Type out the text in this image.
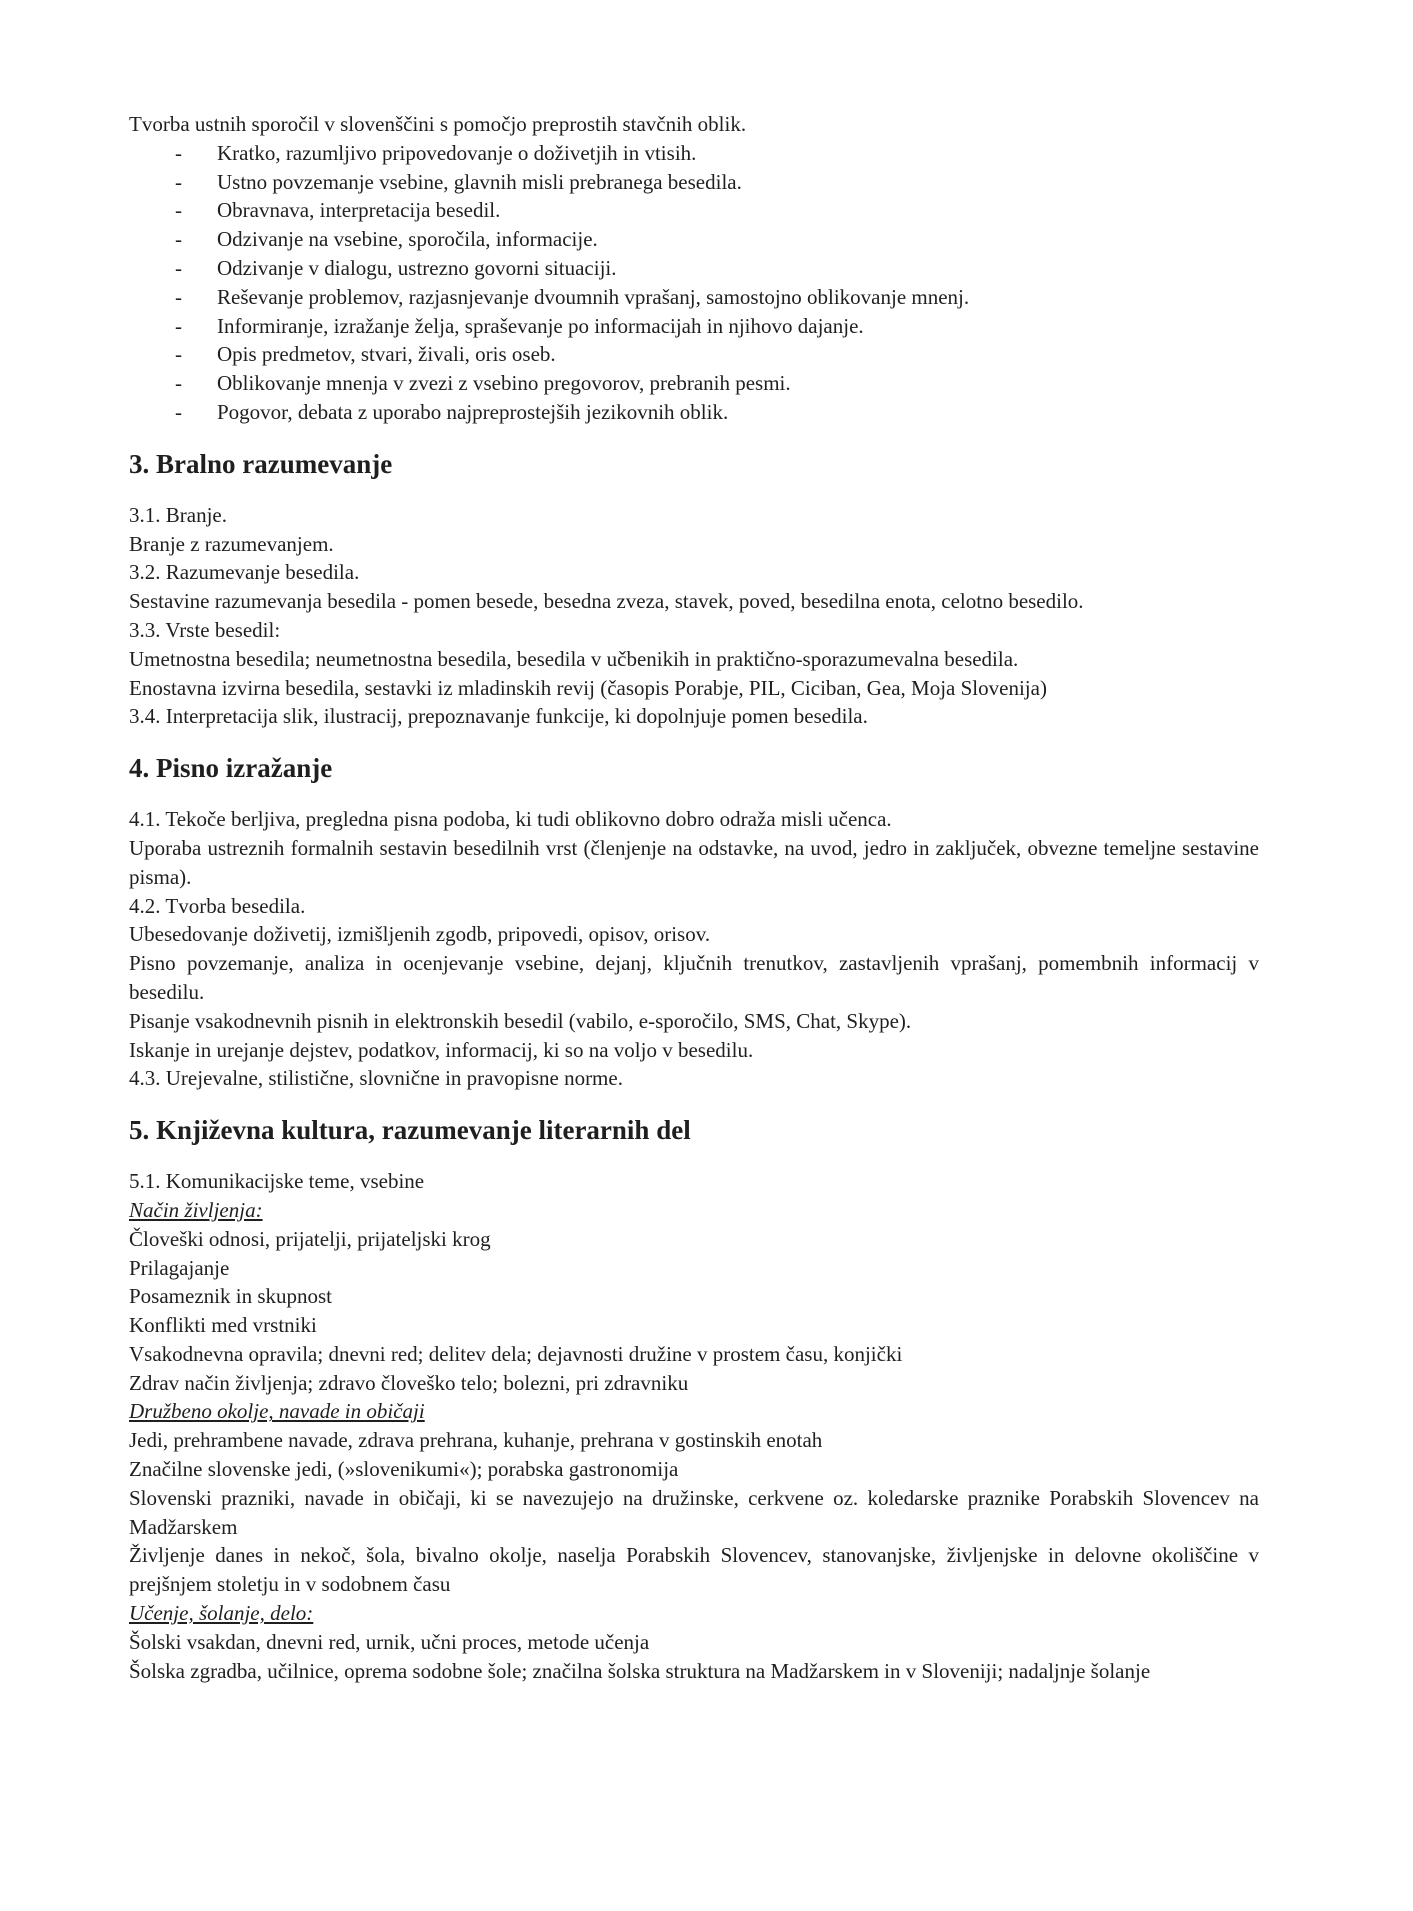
Tvorba ustnih sporočil v slovenščini s pomočjo preprostih stavčnih oblik.
-	Kratko, razumljivo pripovedovanje o doživetjih in vtisih.
-	Ustno povzemanje vsebine, glavnih misli prebranega besedila.
-	Obravnava, interpretacija besedil.
-	Odzivanje na vsebine, sporočila, informacije.
-	Odzivanje v dialogu, ustrezno govorni situaciji.
-	Reševanje problemov, razjasnjevanje dvoumnih vprašanj, samostojno oblikovanje mnenj.
-	Informiranje, izražanje želja, spraševanje po informacijah in njihovo dajanje.
-	Opis predmetov, stvari, živali, oris oseb.
-	Oblikovanje mnenja v zvezi z vsebino pregovorov, prebranih pesmi.
-	Pogovor, debata z uporabo najpreprostejših jezikovnih oblik.
3. Bralno razumevanje
3.1. Branje.
Branje z razumevanjem.
3.2. Razumevanje besedila.
Sestavine razumevanja besedila - pomen besede, besedna zveza, stavek, poved, besedilna enota, celotno besedilo.
3.3. Vrste besedil:
Umetnostna besedila; neumetnostna besedila, besedila v učbenikih in praktično-sporazumevalna besedila.
Enostavna izvirna besedila, sestavki iz mladinskih revij (časopis Porabje, PIL, Ciciban, Gea, Moja Slovenija)
3.4. Interpretacija slik, ilustracij, prepoznavanje funkcije, ki dopolnjuje pomen besedila.
4. Pisno izražanje
4.1. Tekoče berljiva, pregledna pisna podoba, ki tudi oblikovno dobro odraža misli učenca.
Uporaba ustreznih formalnih sestavin besedilnih vrst (členjenje na odstavke, na uvod, jedro in zaključek, obvezne temeljne sestavine pisma).
4.2. Tvorba besedila.
Ubesedovanje doživetij, izmišljenih zgodb, pripovedi, opisov, orisov.
Pisno povzemanje, analiza in ocenjevanje vsebine, dejanj, ključnih trenutkov, zastavljenih vprašanj, pomembnih informacij v besedilu.
Pisanje vsakodnevnih pisnih in elektronskih besedil (vabilo, e-sporočilo, SMS, Chat, Skype).
Iskanje in urejanje dejstev, podatkov, informacij, ki so na voljo v besedilu.
4.3. Urejevalne, stilistične, slovnične in pravopisne norme.
5. Književna kultura, razumevanje literarnih del
5.1. Komunikacijske teme, vsebine
Način življenja:
Človeški odnosi, prijatelji, prijateljski krog
Prilagajanje
Posameznik in skupnost
Konflikti med vrstniki
Vsakodnevna opravila; dnevni red; delitev dela; dejavnosti družine v prostem času, konjički
Zdrav način življenja; zdravo človeško telo; bolezni, pri zdravniku
Družbeno okolje, navade in običaji
Jedi, prehrambene navade, zdrava prehrana, kuhanje, prehrana v gostinskih enotah
Značilne slovenske jedi, (»slovenikumi«); porabska gastronomija
Slovenski prazniki, navade in običaji, ki se navezujejo na družinske, cerkvene oz. koledarske praznike Porabskih Slovencev na Madžarskem
Življenje danes in nekoč, šola, bivalno okolje, naselja Porabskih Slovencev, stanovanjske, življenjske in delovne okoliščine v prejšnjem stoletju in v sodobnem času
Učenje, šolanje, delo:
Šolski vsakdan, dnevni red, urnik, učni proces, metode učenja
Šolska zgradba, učilnice, oprema sodobne šole; značilna šolska struktura na Madžarskem in v Sloveniji; nadaljnje šolanje
